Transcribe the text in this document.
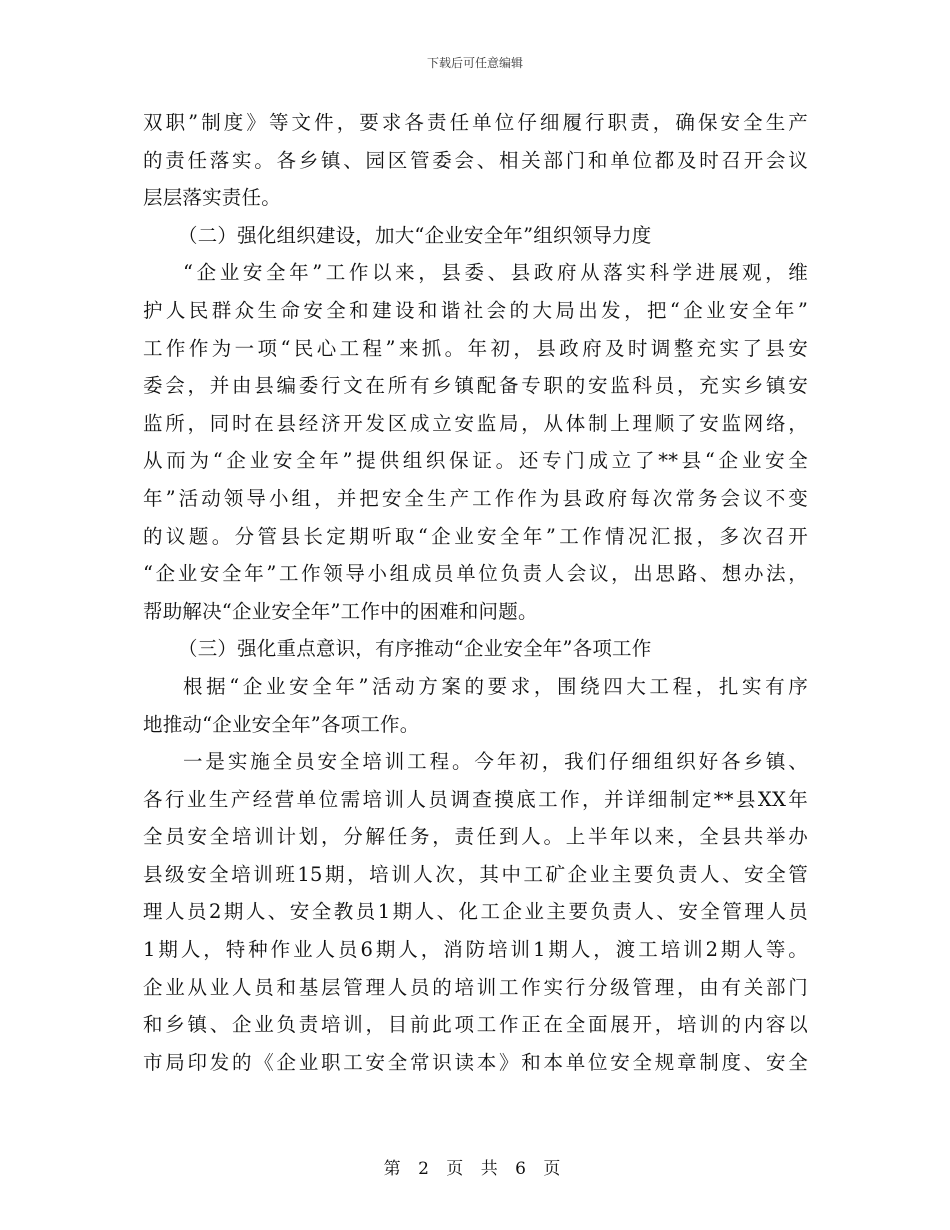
下载后可任意编辑
双职”制度》等文件，要求各责任单位仔细履行职责，确保安全生产
的责任落实。各乡镇、园区管委会、相关部门和单位都及时召开会议
层层落实责任。
（二）强化组织建设，加大“企业安全年”组织领导力度
“企业安全年”工作以来，县委、县政府从落实科学进展观，维
护人民群众生命安全和建设和谐社会的大局出发，把“企业安全年”
工作作为一项“民心工程”来抓。年初，县政府及时调整充实了县安
委会，并由县编委行文在所有乡镇配备专职的安监科员，充实乡镇安
监所，同时在县经济开发区成立安监局，从体制上理顺了安监网络，
从而为“企业安全年”提供组织保证。还专门成立了**县“企业安全
年”活动领导小组，并把安全生产工作作为县政府每次常务会议不变
的议题。分管县长定期听取“企业安全年”工作情况汇报，多次召开
“企业安全年”工作领导小组成员单位负责人会议，出思路、想办法，
帮助解决“企业安全年”工作中的困难和问题。
（三）强化重点意识，有序推动“企业安全年”各项工作
根据“企业安全年”活动方案的要求，围绕四大工程，扎实有序
地推动“企业安全年”各项工作。
一是实施全员安全培训工程。今年初，我们仔细组织好各乡镇、
各行业生产经营单位需培训人员调查摸底工作，并详细制定**县XX年
全员安全培训计划，分解任务，责任到人。上半年以来，全县共举办
县级安全培训班15期，培训人次，其中工矿企业主要负责人、安全管
理人员2期人、安全教员1期人、化工企业主要负责人、安全管理人员
1期人，特种作业人员6期人，消防培训1期人，渡工培训2期人等。
企业从业人员和基层管理人员的培训工作实行分级管理，由有关部门
和乡镇、企业负责培训，目前此项工作正在全面展开，培训的内容以
市局印发的《企业职工安全常识读本》和本单位安全规章制度、安全
第 2 页 共 6 页
